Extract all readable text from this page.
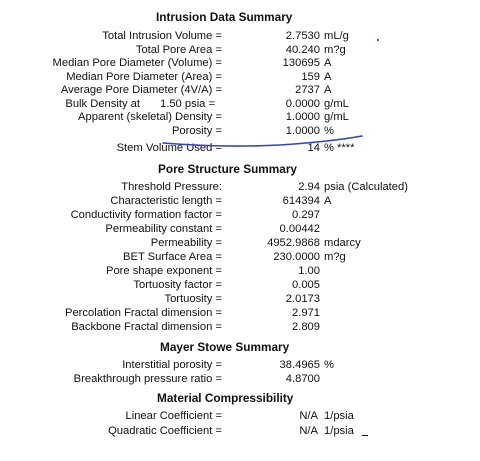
Intrusion Data Summary
Total Intrusion Volume =	2.7530 mL/g
Total Pore Area =	40.240 m?g
Median Pore Diameter (Volume) =	130695 A
Median Pore Diameter (Area) =	159 A
Average Pore Diameter (4V/A) =	2737 A
Bulk Density at 1.50 psia =	0.0000 g/mL
Apparent (skeletal) Density =	1.0000 g/mL
Porosity =	1.0000 %
Stem Volume Used =	14 % ****
Pore Structure Summary
Threshold Pressure:	2.94 psia (Calculated)
Characteristic length =	614394 A
Conductivity formation factor =	0.297
Permeability constant =	0.00442
Permeability =	4952.9868 mdarcy
BET Surface Area =	230.0000 m?g
Pore shape exponent =	1.00
Tortuosity factor =	0.005
Tortuosity =	2.0173
Percolation Fractal dimension =	2.971
Backbone Fractal dimension =	2.809
Mayer Stowe Summary
Interstitial porosity =	38.4965 %
Breakthrough pressure ratio =	4.8700
Material Compressibility
Linear Coefficient =	N/A 1/psia
Quadratic Coefficient =	N/A 1/psia
